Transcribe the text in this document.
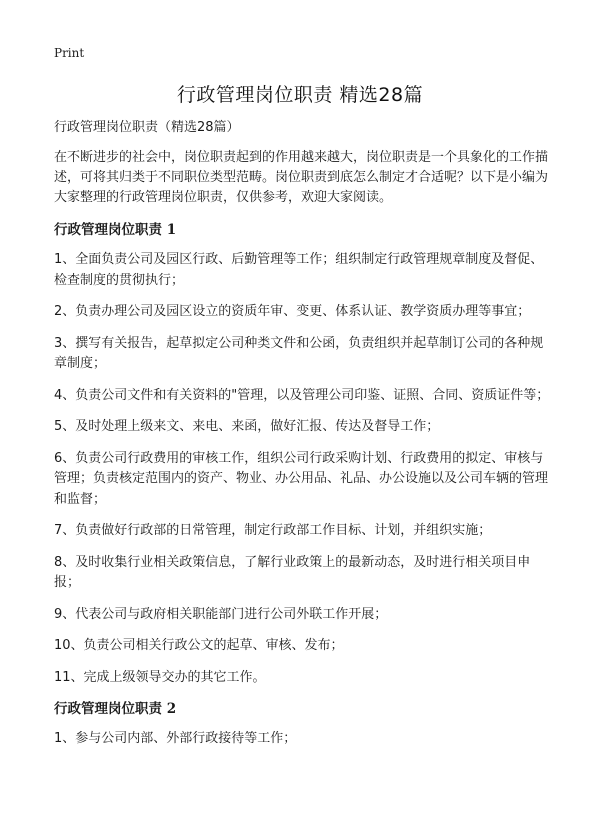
Print
行政管理岗位职责 精选28篇

行政管理岗位职责（精选28篇）

在不断进步的社会中，岗位职责起到的作用越来越大，岗位职责是一个具象化的工作描述，可将其归类于不同职位类型范畴。岗位职责到底怎么制定才合适呢？以下是小编为大家整理的行政管理岗位职责，仅供参考，欢迎大家阅读。

行政管理岗位职责 1

1、全面负责公司及园区行政、后勤管理等工作；组织制定行政管理规章制度及督促、检查制度的贯彻执行；

2、负责办理公司及园区设立的资质年审、变更、体系认证、教学资质办理等事宜；

3、撰写有关报告，起草拟定公司种类文件和公函，负责组织并起草制订公司的各种规章制度；

4、负责公司文件和有关资料的"管理，以及管理公司印鉴、证照、合同、资质证件等；

5、及时处理上级来文、来电、来函，做好汇报、传达及督导工作；

6、负责公司行政费用的审核工作，组织公司行政采购计划、行政费用的拟定、审核与管理；负责核定范围内的资产、物业、办公用品、礼品、办公设施以及公司车辆的管理和监督；

7、负责做好行政部的日常管理，制定行政部工作目标、计划，并组织实施；

8、及时收集行业相关政策信息，了解行业政策上的最新动态，及时进行相关项目申报；

9、代表公司与政府相关职能部门进行公司外联工作开展；

10、负责公司相关行政公文的起草、审核、发布；

11、完成上级领导交办的其它工作。

行政管理岗位职责 2

1、参与公司内部、外部行政接待等工作；
